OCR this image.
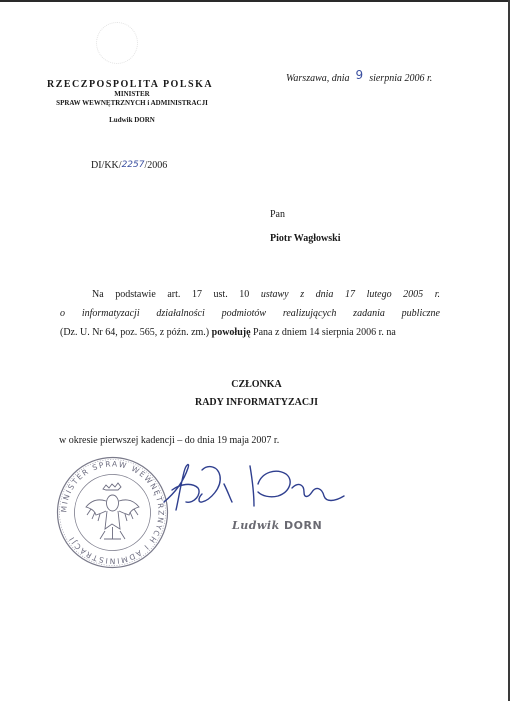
RZECZPOSPOLITA POLSKA
MINISTER
SPRAW WEWNĘTRZNYCH i ADMINISTRACJI
Ludwik DORN
Warszawa, dnia 9 sierpnia 2006 r.
DI/KK/2257/2006
Pan
Piotr Wagłowski
Na podstawie art. 17 ust. 10 ustawy z dnia 17 lutego 2005 r.
o informatyzacji działalności podmiotów realizujących zadania publiczne
(Dz. U. Nr 64, poz. 565, z późn. zm.) powołuję Pana z dniem 14 sierpnia 2006 r. na
CZŁONKA
RADY INFORMATYZACJI
w okresie pierwszej kadencji – do dnia 19 maja 2007 r.
MINISTER SPRAW WEWNĘTRZNYCH I ADMINISTRACJI
Ludwik DORN
